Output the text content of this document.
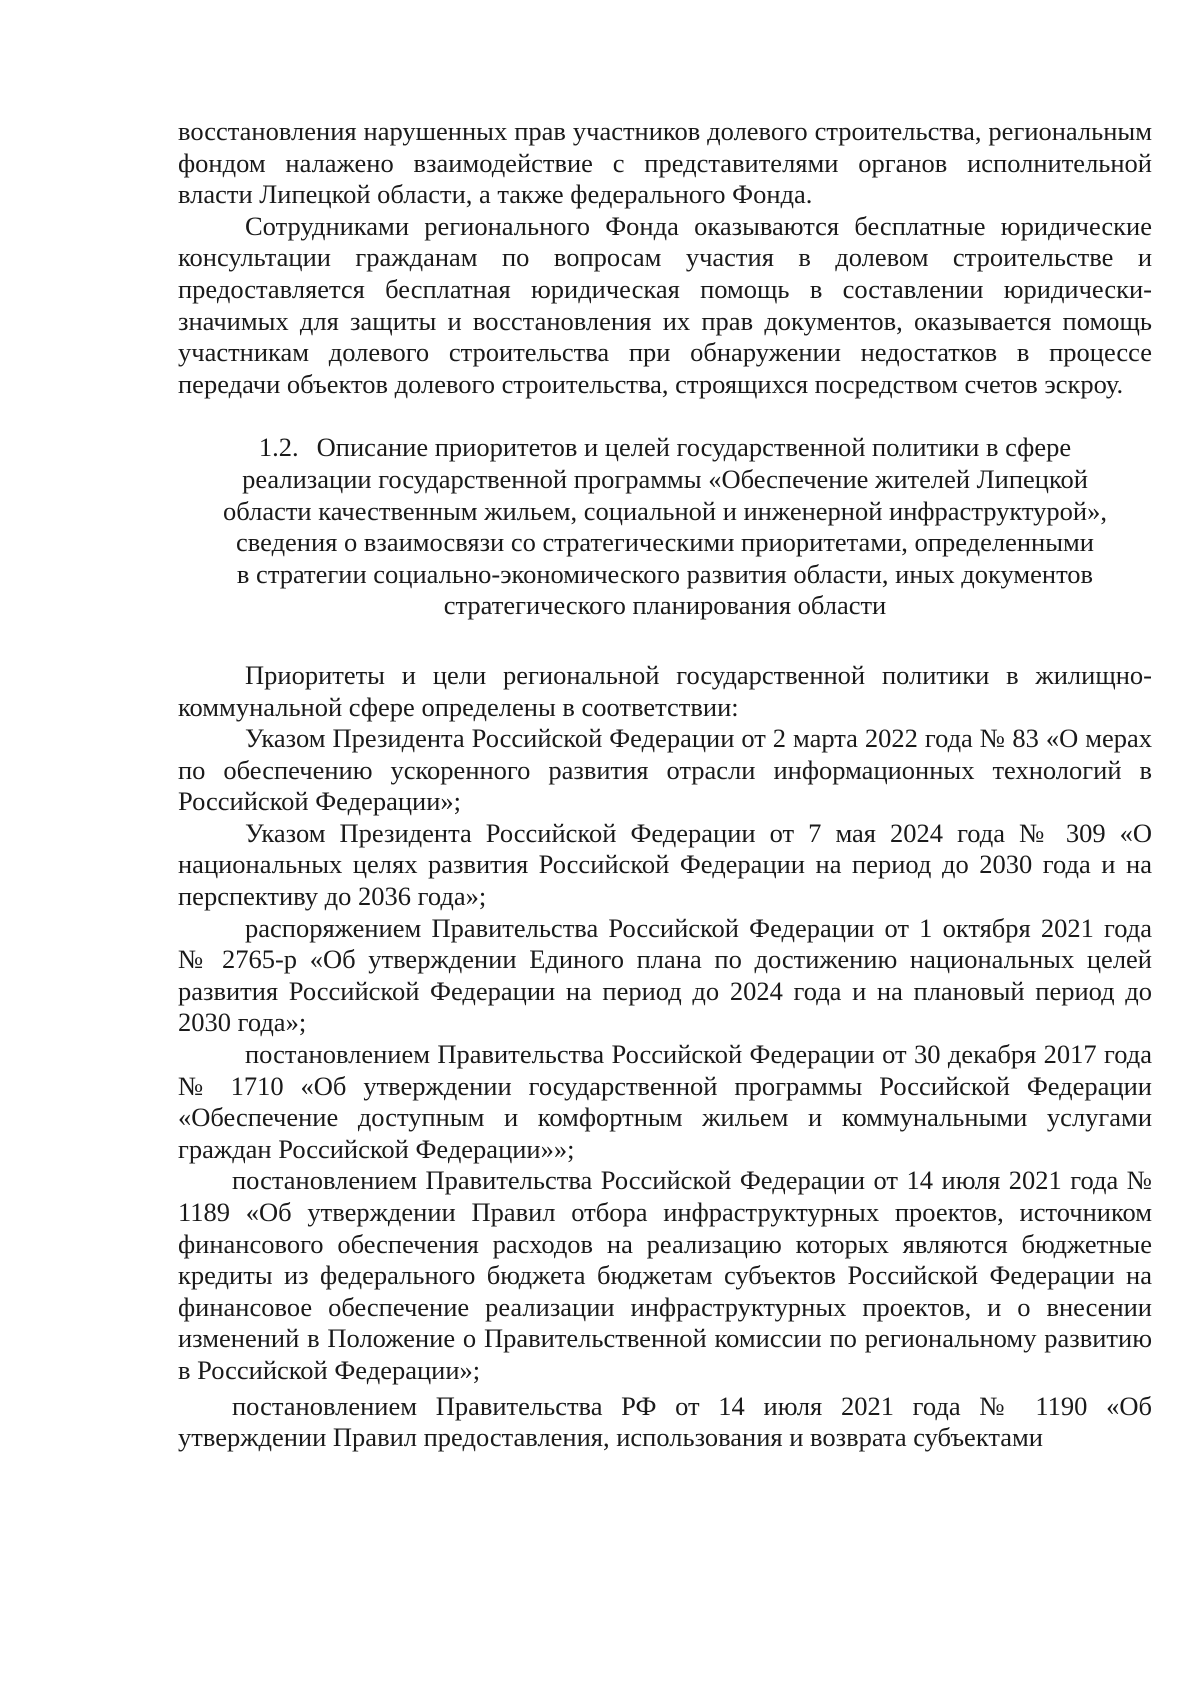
восстановления нарушенных прав участников долевого строительства, региональным фондом налажено взаимодействие с представителями органов исполнительной власти Липецкой области, а также федерального Фонда.

Сотрудниками регионального Фонда оказываются бесплатные юридические консультации гражданам по вопросам участия в долевом строительстве и предоставляется бесплатная юридическая помощь в составлении юридически-значимых для защиты и восстановления их прав документов, оказывается помощь участникам долевого строительства при обнаружении недостатков в процессе передачи объектов долевого строительства, строящихся посредством счетов эскроу.

1.2. Описание приоритетов и целей государственной политики в сфере
реализации государственной программы «Обеспечение жителей Липецкой
области качественным жильем, социальной и инженерной инфраструктурой»,
сведения о взаимосвязи со стратегическими приоритетами, определенными
в стратегии социально-экономического развития области, иных документов
стратегического планирования области

Приоритеты и цели региональной государственной политики в жилищно-коммунальной сфере определены в соответствии:

Указом Президента Российской Федерации от 2 марта 2022 года № 83 «О мерах по обеспечению ускоренного развития отрасли информационных технологий в Российской Федерации»;

Указом Президента Российской Федерации от 7 мая 2024 года № 309 «О национальных целях развития Российской Федерации на период до 2030 года и на перспективу до 2036 года»;

распоряжением Правительства Российской Федерации от 1 октября 2021 года № 2765-р «Об утверждении Единого плана по достижению национальных целей развития Российской Федерации на период до 2024 года и на плановый период до 2030 года»;

постановлением Правительства Российской Федерации от 30 декабря 2017 года № 1710 «Об утверждении государственной программы Российской Федерации «Обеспечение доступным и комфортным жильем и коммунальными услугами граждан Российской Федерации»»;

постановлением Правительства Российской Федерации от 14 июля 2021 года № 1189 «Об утверждении Правил отбора инфраструктурных проектов, источником финансового обеспечения расходов на реализацию которых являются бюджетные кредиты из федерального бюджета бюджетам субъектов Российской Федерации на финансовое обеспечение реализации инфраструктурных проектов, и о внесении изменений в Положение о Правительственной комиссии по региональному развитию в Российской Федерации»;

постановлением Правительства РФ от 14 июля 2021 года № 1190 «Об утверждении Правил предоставления, использования и возврата субъектами
